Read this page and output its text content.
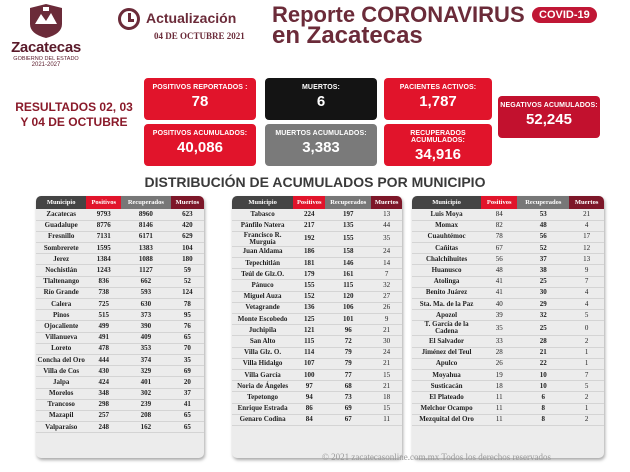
Zacatecas
GOBIERNO DEL ESTADO
2021-2027
Actualización
04 DE OCTUBRE 2021
Reporte CORONAVIRUS
en Zacatecas
COVID-19
POSITIVOS REPORTADOS :
78
MUERTOS:
6
PACIENTES ACTIVOS:
1,787	NEGATIVOS ACUMULADOS:
52,245
POSITIVOS ACUMULADOS:
40,086
MUERTOS ACUMULADOS:
3,383
RECUPERADOS ACUMULADOS:
34,916
RESULTADOS 02, 03
Y 04 DE OCTUBRE
DISTRIBUCIÓN DE ACUMULADOS POR MUNICIPIO
Municipio	Positivos	Recuperados	Muertos
Zacatecas	9793	8960	623
Guadalupe	8776	8146	420
Fresnillo	7131	6171	629
Sombrerete	1595	1383	104
Jerez	1384	1088	180
Nochistlán	1243	1127	59
Tlaltenango	836	662	52
Río Grande	738	593	124
Calera	725	630	78
Pinos	515	373	95
Ojocaliente	499	390	76
Villanueva	491	409	65
Loreto	478	353	70
Concha del Oro	444	374	35
Villa de Cos	430	329	69
Jalpa	424	401	20
Morelos	348	302	37
Trancoso	298	239	41
Mazapil	257	208	65
Valparaíso	248	162	65
Municipio	Positivos	Recuperados	Muertos
Tabasco	224	197	13
Pánfilo Natera	217	135	44
Francisco R. Murguía	192	155	35
Juan Aldama	186	158	24
Tepechitlán	181	146	14
Teúl de Glz.O.	179	161	7
Pánuco	155	115	32
Miguel Auza	152	120	27
Vetagrande	136	106	26
Monte Escobedo	125	101	9
Juchipila	121	96	21
San Alto	115	72	30
Villa Glz. O.	114	79	24
Villa Hidalgo	107	79	21
Villa García	100	77	15
Noria de Ángeles	97	68	21
Tepetongo	94	73	18
Enrique Estrada	86	69	15
Genaro Codina	84	67	11
Municipio	Positivos	Recuperados	Muertos
Luis Moya	84	53	21
Momax	82	48	4
Cuauhtémoc	78	56	17
Cañitas	67	52	12
Chalchihuites	56	37	13
Huanusco	48	38	9
Atolinga	41	25	7
Benito Juárez	41	30	4
Sta. Ma. de la Paz	40	29	4
Apozol	39	32	5
T. García de la Cadena	35	25	0
El Salvador	33	28	2
Jiménez del Teul	28	21	1
Apulco	26	22	1
Moyahua	19	10	7
Susticacán	18	10	5
El Plateado	11	6	2
Melchor Ocampo	11	8	1
Mezquital del Oro	11	8	2
© 2021 zacatecasonline.com.mx Todos los derechos reservados
